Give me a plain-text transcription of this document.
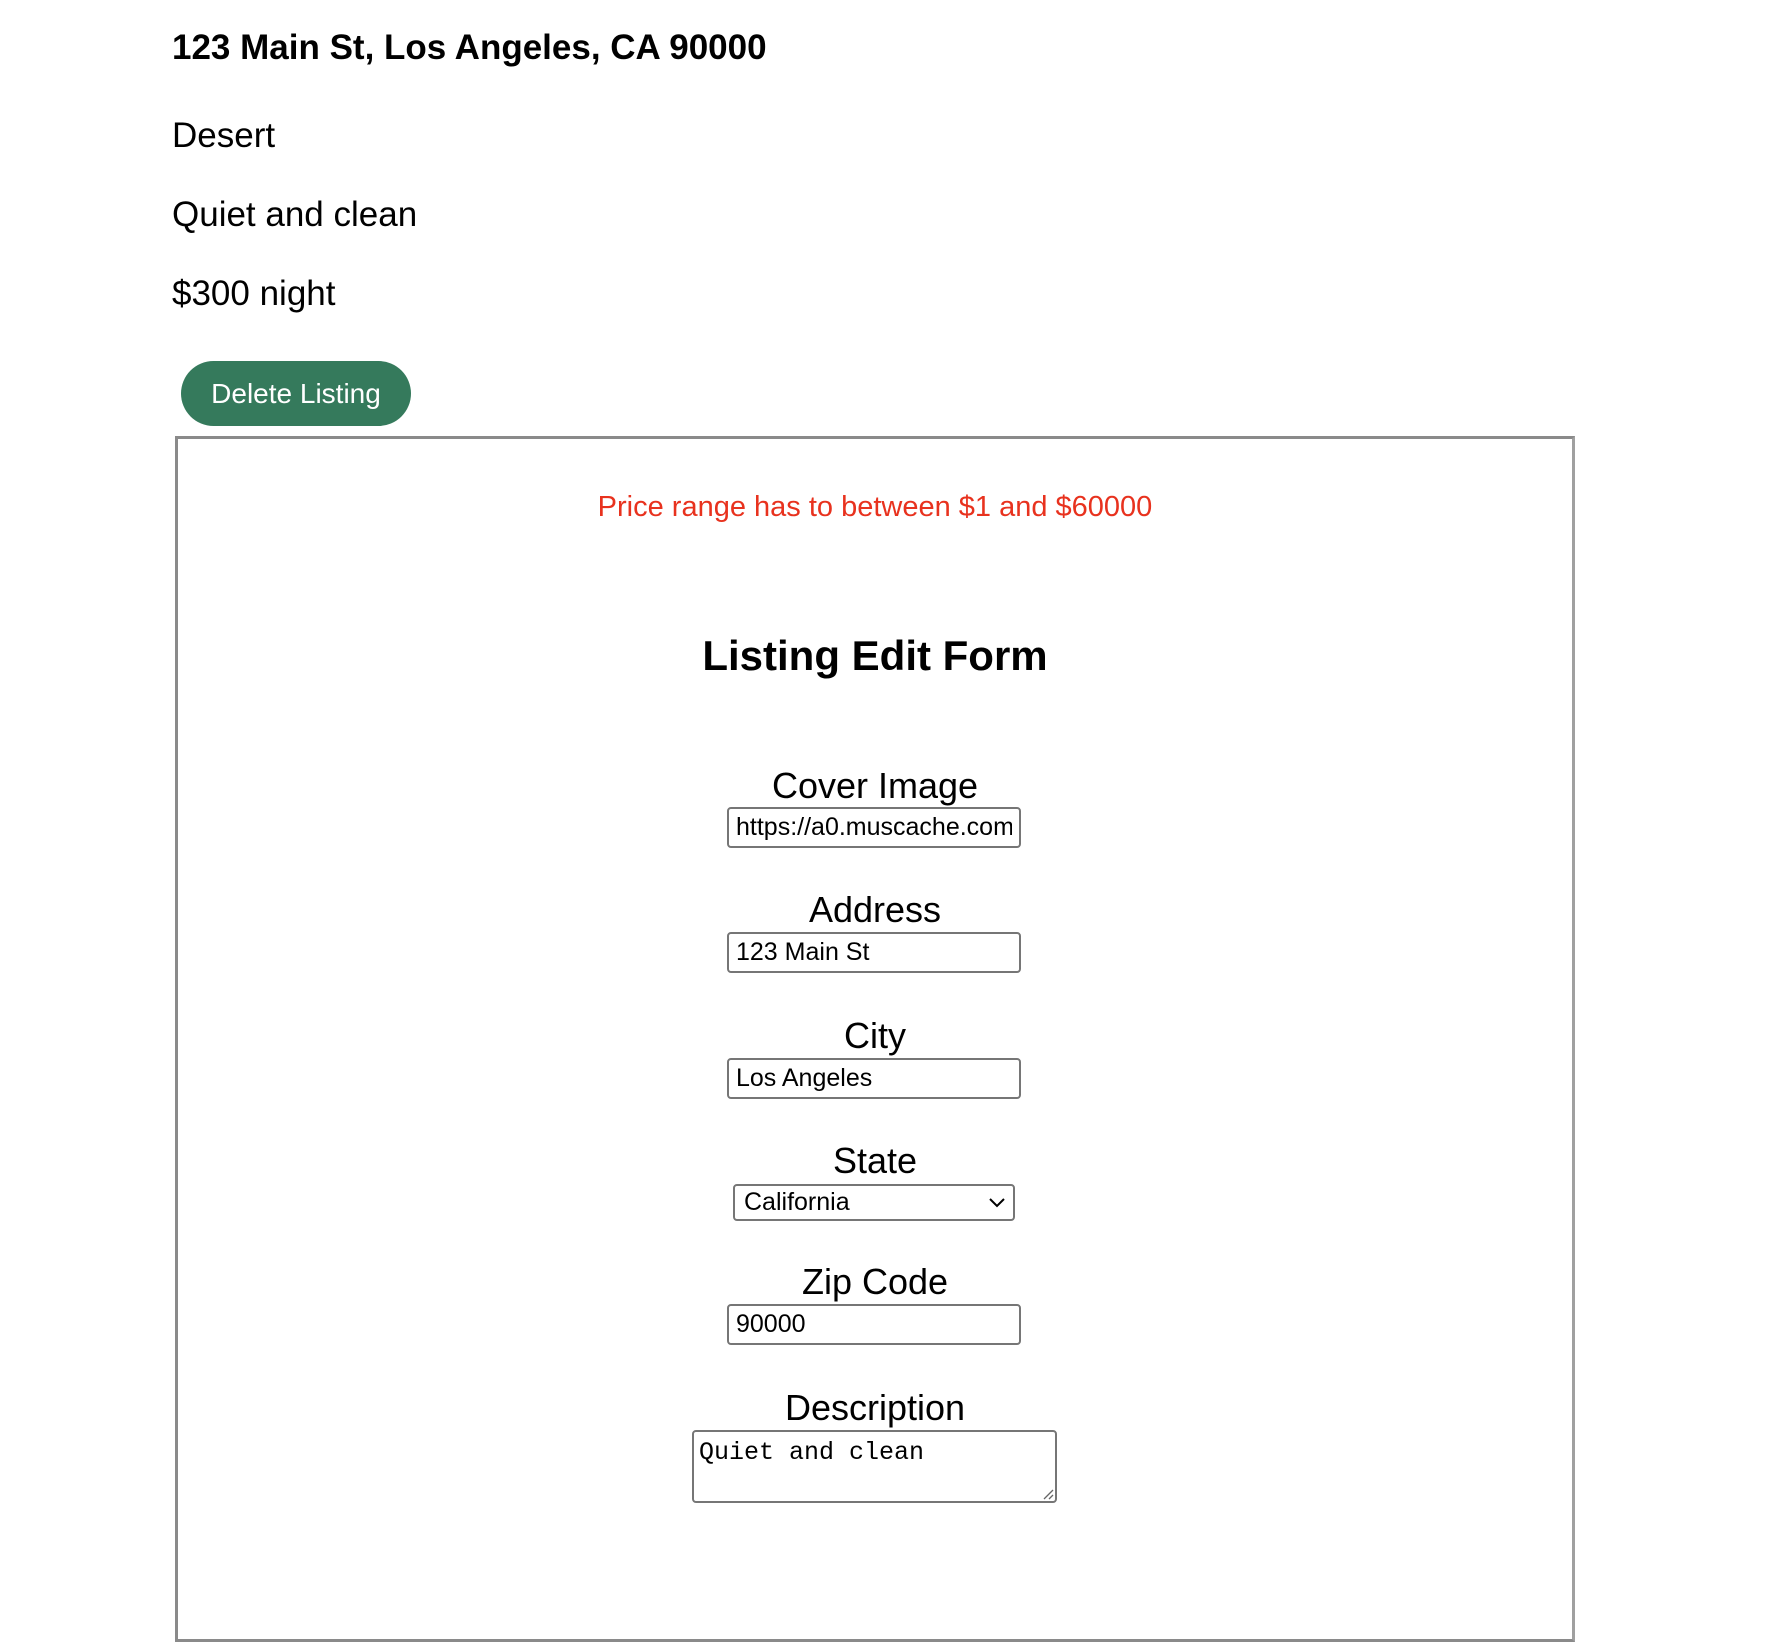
123 Main St, Los Angeles, CA 90000
Desert
Quiet and clean
$300 night
Delete Listing
Price range has to between $1 and $60000
Listing Edit Form
Cover Image
https://a0.muscache.com
Address
123 Main St
City
Los Angeles
State
California
Zip Code
90000
Description
Quiet and clean
